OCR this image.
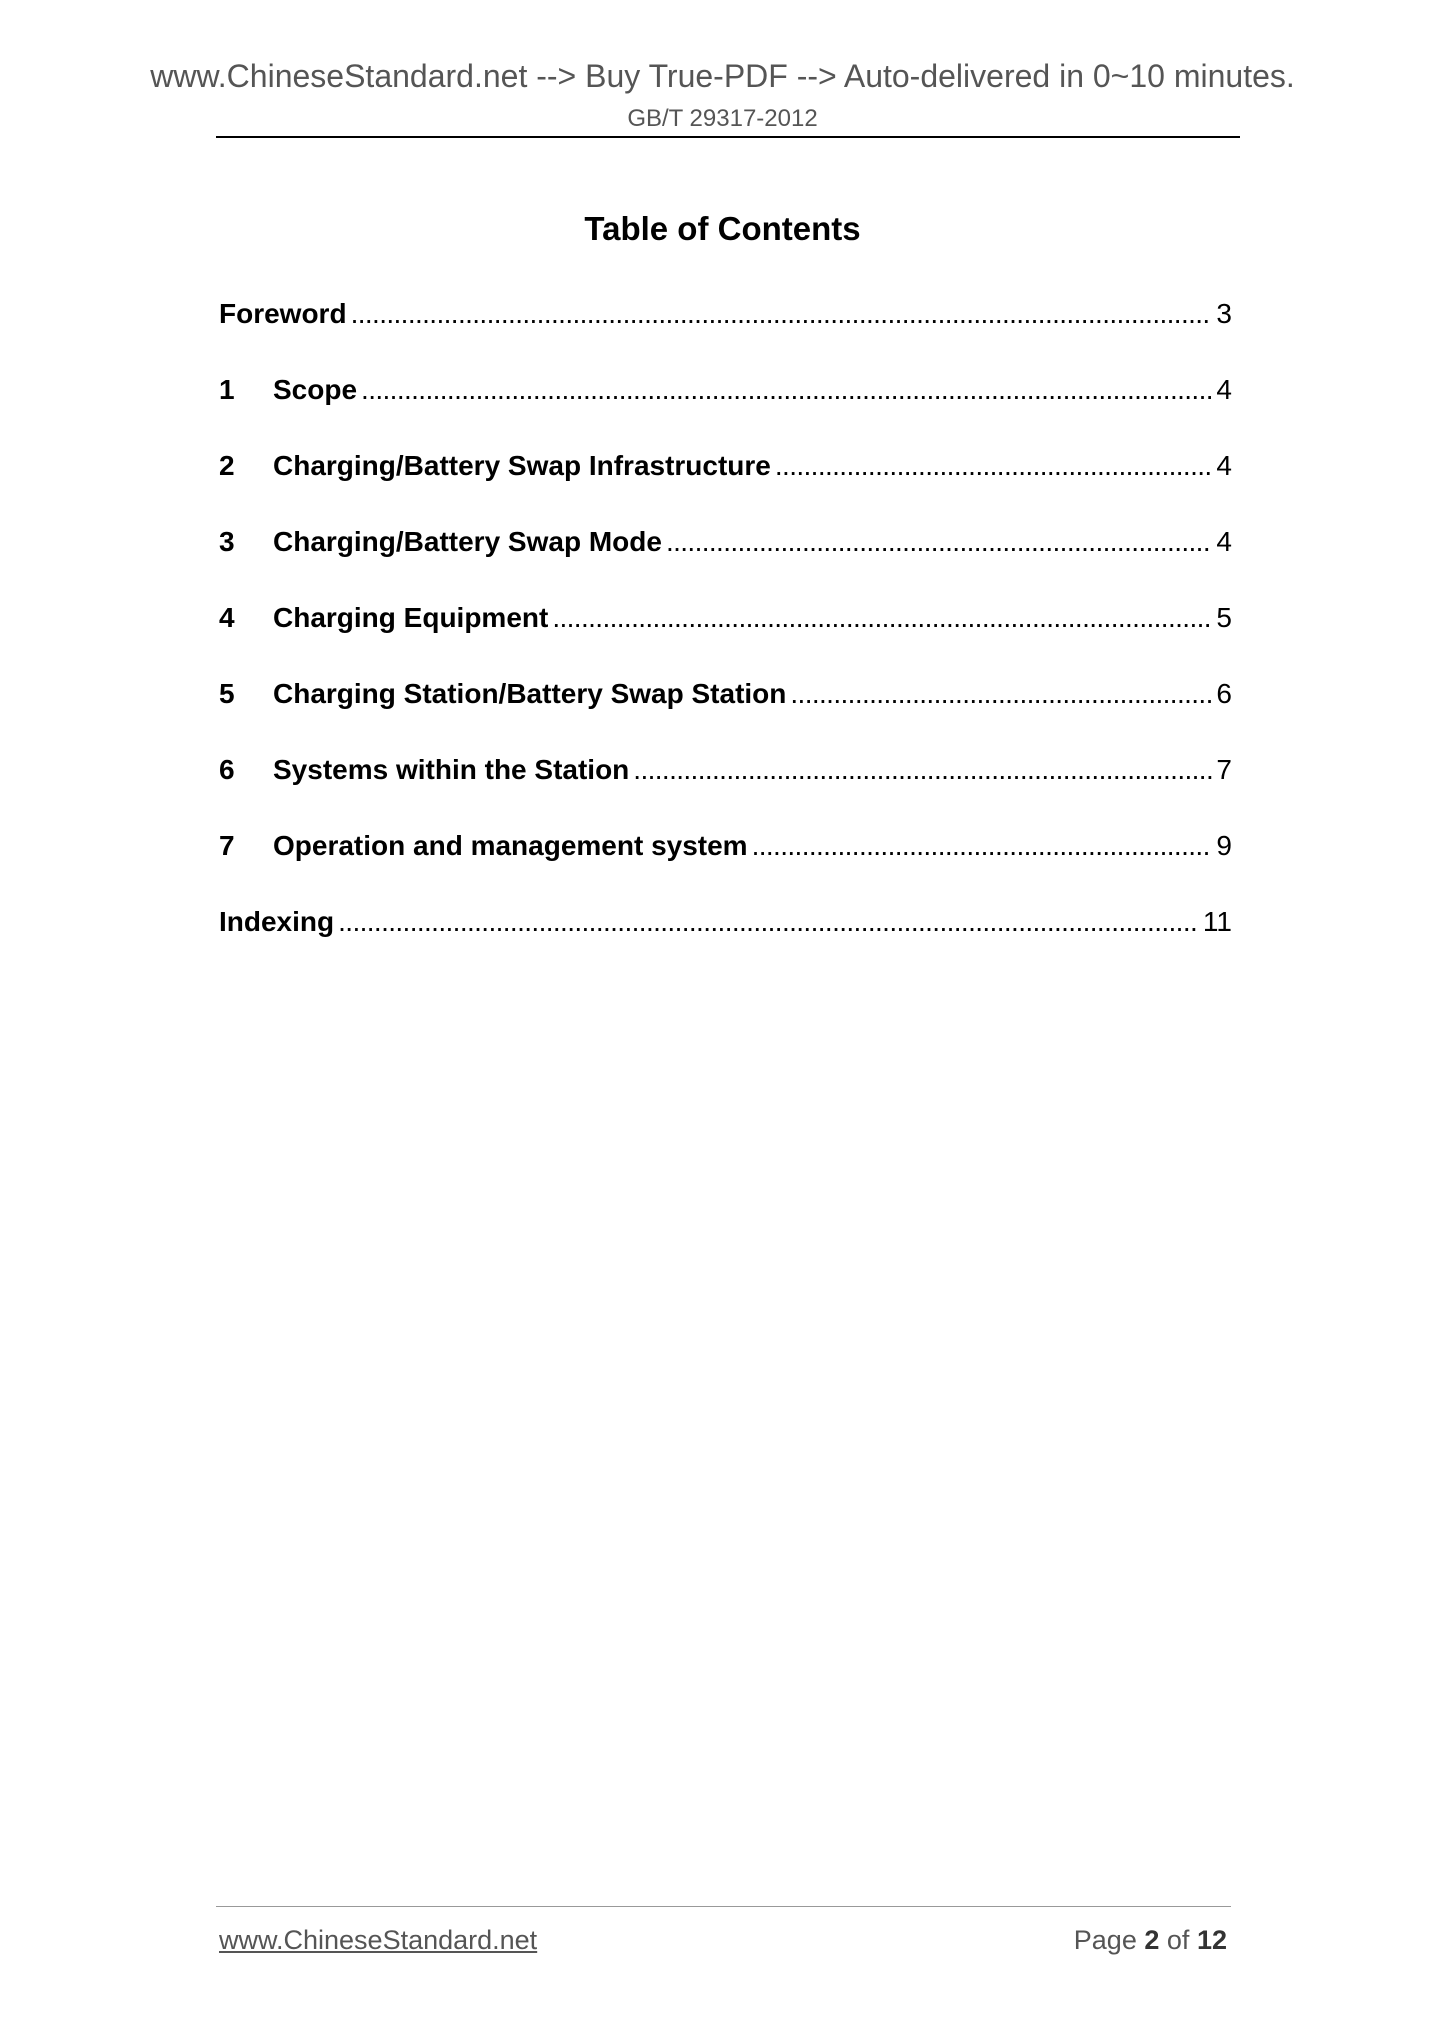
www.ChineseStandard.net --> Buy True-PDF --> Auto-delivered in 0~10 minutes.
GB/T 29317-2012
Table of Contents
Foreword . . .	3
1	Scope . . .	4
2	Charging/Battery Swap Infrastructure . . .	4
3	Charging/Battery Swap Mode . . .	4
4	Charging Equipment . . .	5
5	Charging Station/Battery Swap Station . . .	6
6	Systems within the Station . . .	7
7	Operation and management system . . .	9
Indexing . . .	11
www.ChineseStandard.net	Page 2 of 12
